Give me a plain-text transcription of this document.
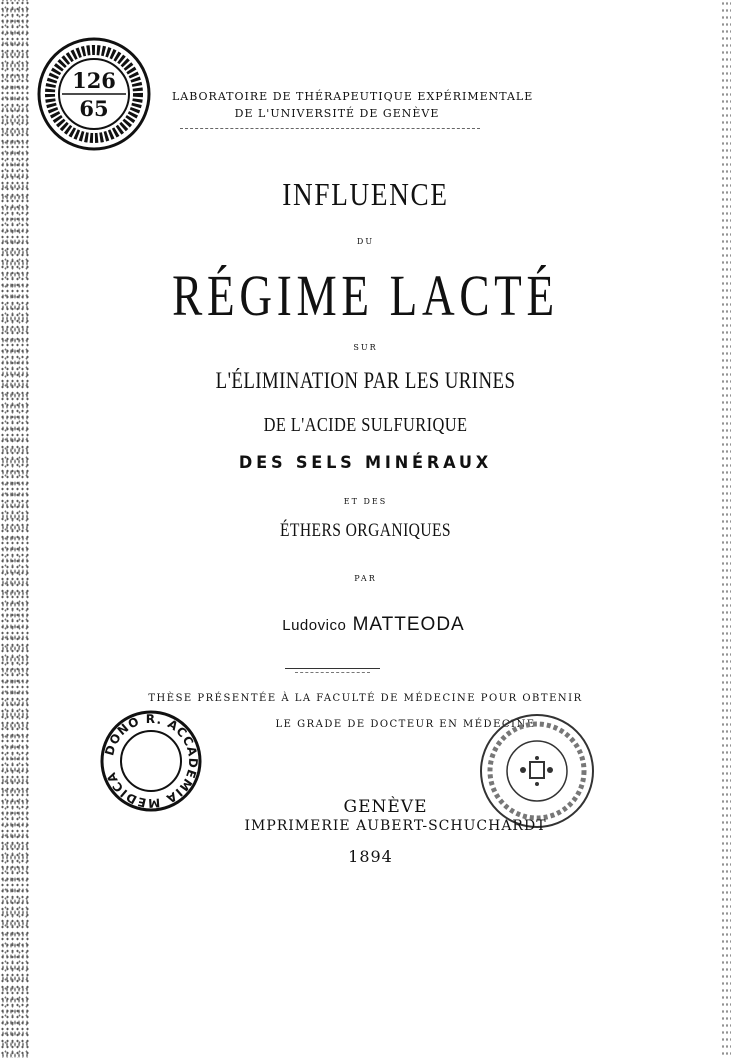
126
65	LABORATOIRE DE THÉRAPEUTIQUE EXPÉRIMENTALE
DE L'UNIVERSITÉ DE GENÈVE
INFLUENCE
DU
RÉGIME LACTÉ
SUR
L'ÉLIMINATION PAR LES URINES
DE L'ACIDE SULFURIQUE
DES SELS MINÉRAUX
ET DES
ÉTHERS ORGANIQUES
PAR
Ludovico MATTEODA
THÈSE PRÉSENTÉE À LA FACULTÉ DE MÉDECINE POUR OBTENIR
LE GRADE DE DOCTEUR EN MÉDECINE
DONO R. ACCADEMIA MEDICA
GENÈVE
IMPRIMERIE AUBERT-SCHUCHARDT
1894
